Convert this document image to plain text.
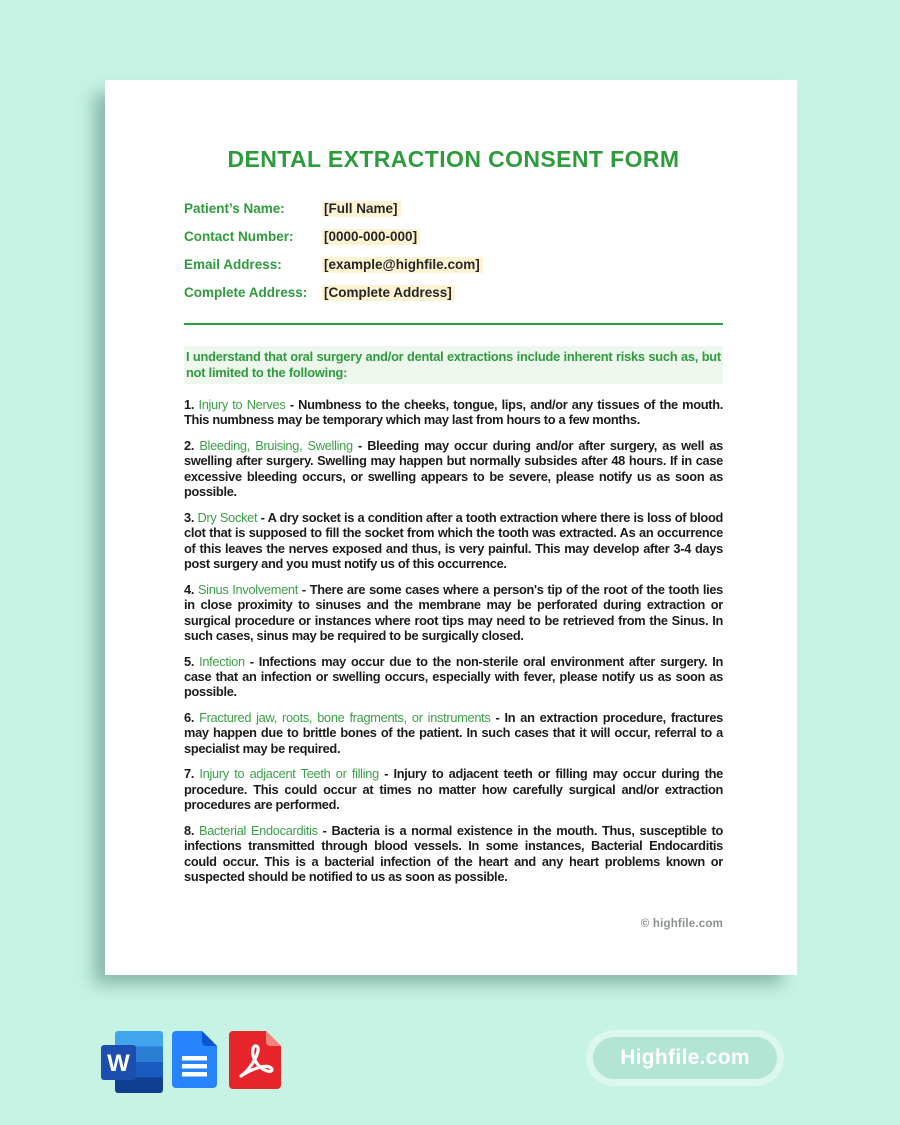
DENTAL EXTRACTION CONSENT FORM
Patient’s Name:	[Full Name]
Contact Number:	[0000-000-000]
Email Address:	[example@highfile.com]
Complete Address:	[Complete Address]

I understand that oral surgery and/or dental extractions include inherent risks such as, but not limited to the following:

1. Injury to Nerves - Numbness to the cheeks, tongue, lips, and/or any tissues of the mouth. This numbness may be temporary which may last from hours to a few months.

2. Bleeding, Bruising, Swelling - Bleeding may occur during and/or after surgery, as well as swelling after surgery. Swelling may happen but normally subsides after 48 hours. If in case excessive bleeding occurs, or swelling appears to be severe, please notify us as soon as possible.

3. Dry Socket - A dry socket is a condition after a tooth extraction where there is loss of blood clot that is supposed to fill the socket from which the tooth was extracted. As an occurrence of this leaves the nerves exposed and thus, is very painful. This may develop after 3-4 days post surgery and you must notify us of this occurrence.

4. Sinus Involvement - There are some cases where a person's tip of the root of the tooth lies in close proximity to sinuses and the membrane may be perforated during extraction or surgical procedure or instances where root tips may need to be retrieved from the Sinus. In such cases, sinus may be required to be surgically closed.

5. Infection - Infections may occur due to the non-sterile oral environment after surgery. In case that an infection or swelling occurs, especially with fever, please notify us as soon as possible.

6. Fractured jaw, roots, bone fragments, or instruments - In an extraction procedure, fractures may happen due to brittle bones of the patient. In such cases that it will occur, referral to a specialist may be required.

7. Injury to adjacent Teeth or filling - Injury to adjacent teeth or filling may occur during the procedure. This could occur at times no matter how carefully surgical and/or extraction procedures are performed.

8. Bacterial Endocarditis - Bacteria is a normal existence in the mouth. Thus, susceptible to infections transmitted through blood vessels. In some instances, Bacterial Endocarditis could occur. This is a bacterial infection of the heart and any heart problems known or suspected should be notified to us as soon as possible.

© highfile.com
W	Highfile.com
